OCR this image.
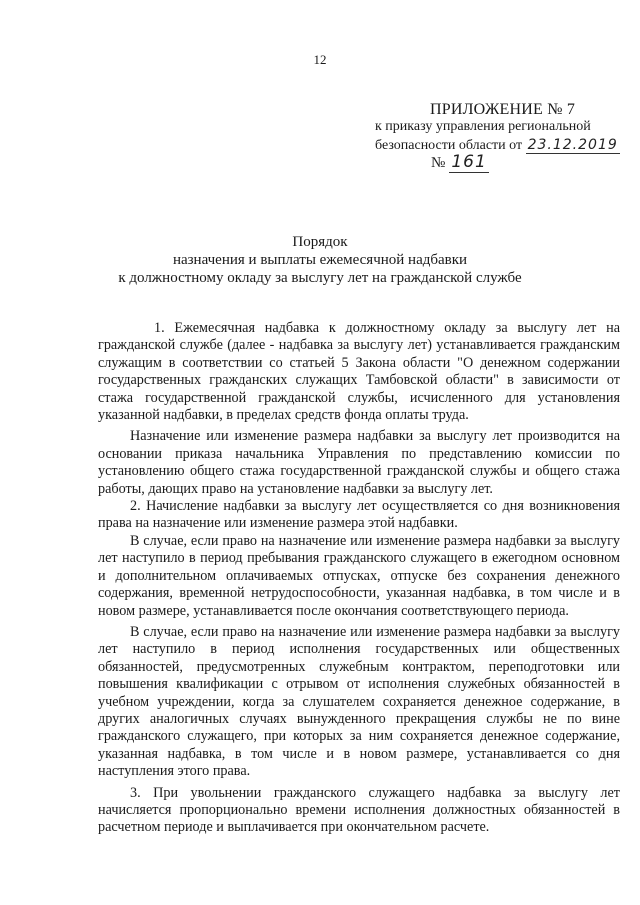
12
ПРИЛОЖЕНИЕ № 7
к приказу управления региональной
безопасности области от 23.12.2019
№ 161
Порядок
назначения и выплаты ежемесячной надбавки
к должностному окладу за выслугу лет на гражданской службе

1. Ежемесячная надбавка к должностному окладу за выслугу лет на гражданской службе (далее - надбавка за выслугу лет) устанавливается гражданским служащим в соответствии со статьей 5 Закона области "О денежном содержании государственных гражданских служащих Тамбовской области" в зависимости от стажа государственной гражданской службы, исчисленного для установления указанной надбавки, в пределах средств фонда оплаты труда.

Назначение или изменение размера надбавки за выслугу лет производится на основании приказа начальника Управления по представлению комиссии по установлению общего стажа государственной гражданской службы и общего стажа работы, дающих право на установление надбавки за выслугу лет.

2. Начисление надбавки за выслугу лет осуществляется со дня возникновения права на назначение или изменение размера этой надбавки.

В случае, если право на назначение или изменение размера надбавки за выслугу лет наступило в период пребывания гражданского служащего в ежегодном основном и дополнительном оплачиваемых отпусках, отпуске без сохранения денежного содержания, временной нетрудоспособности, указанная надбавка, в том числе и в новом размере, устанавливается после окончания соответствующего периода.

В случае, если право на назначение или изменение размера надбавки за выслугу лет наступило в период исполнения государственных или общественных обязанностей, предусмотренных служебным контрактом, переподготовки или повышения квалификации с отрывом от исполнения служебных обязанностей в учебном учреждении, когда за слушателем сохраняется денежное содержание, в других аналогичных случаях вынужденного прекращения службы не по вине гражданского служащего, при которых за ним сохраняется денежное содержание, указанная надбавка, в том числе и в новом размере, устанавливается со дня наступления этого права.

3. При увольнении гражданского служащего надбавка за выслугу лет начисляется пропорционально времени исполнения должностных обязанностей в расчетном периоде и выплачивается при окончательном расчете.
